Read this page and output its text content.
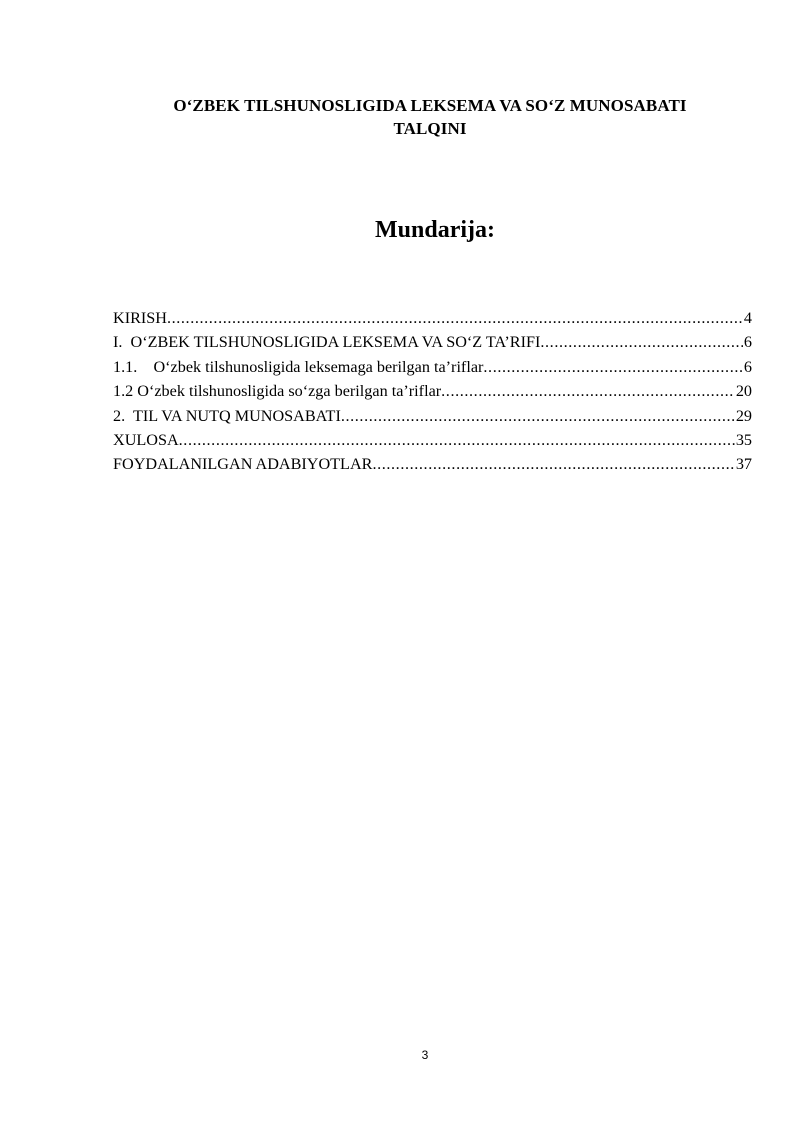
O‘ZBEK TILSHUNOSLIGIDA LEKSEMA VA SO‘Z MUNOSABATI
TALQINI
Mundarija:
KIRISH .....	4
I.  O‘ZBEK TILSHUNOSLIGIDA LEKSEMA VA SO‘Z TA’RIFI .....	6
1.1.    O‘zbek tilshunosligida leksemaga berilgan ta’riflar .....	6
1.2 O‘zbek tilshunosligida so‘zga berilgan ta’riflar .....	20
2.  TIL VA NUTQ MUNOSABATI .....	29
XULOSA .....	35
FOYDALANILGAN ADABIYOTLAR .....	37
3
